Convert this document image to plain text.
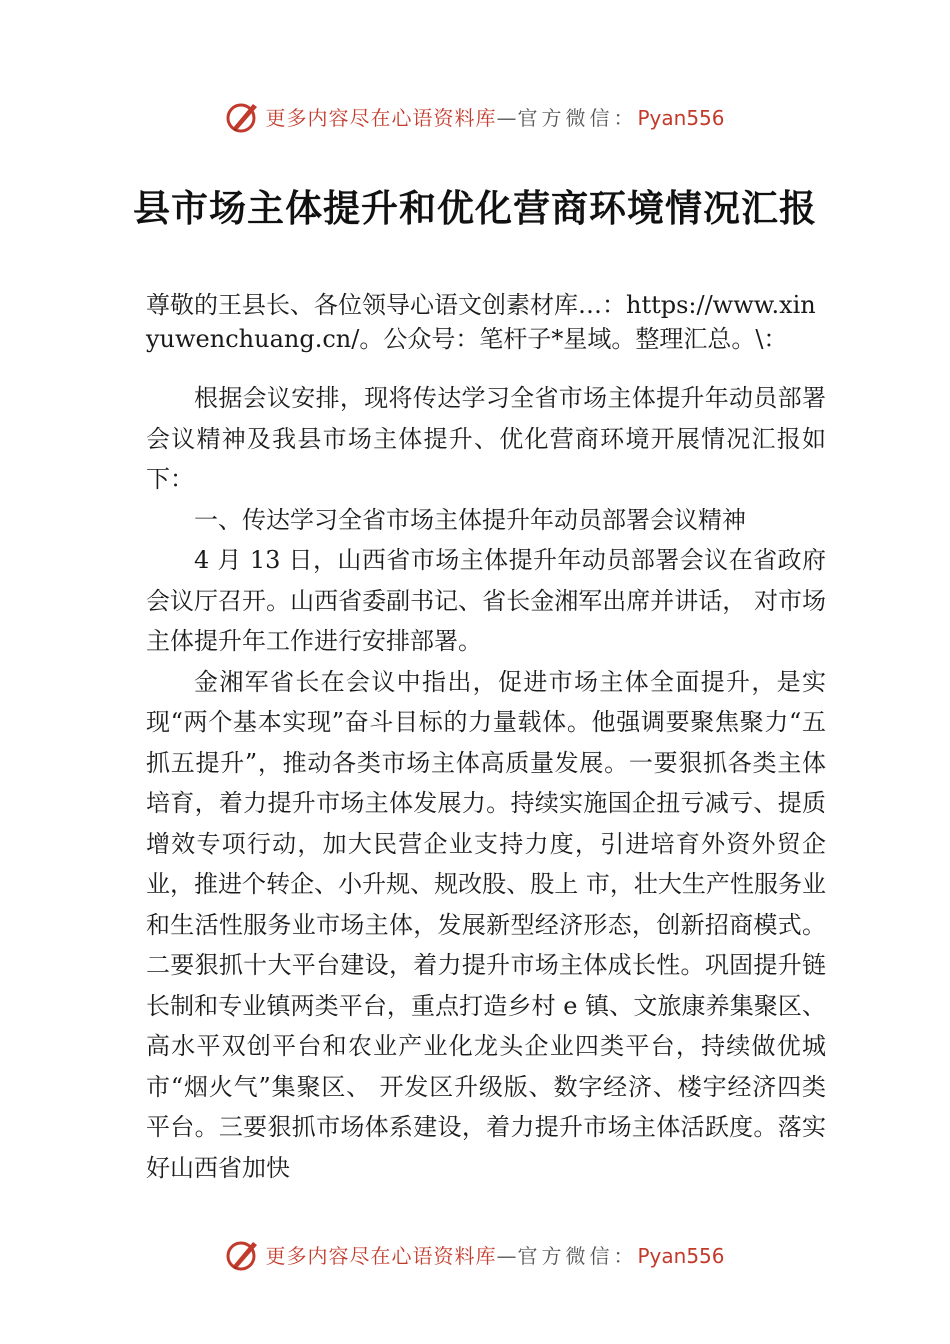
更多内容尽在心语资料库—官方微信：Pyan556
县市场主体提升和优化营商环境情况汇报

尊敬的王县长、各位领导心语文创素材库…：https://www.xinyuwenchuang.cn/。公众号：笔杆子*星域。整理汇总。\：

根据会议安排，现将传达学习全省市场主体提升年动员部署会议精神及我县市场主体提升、优化营商环境开展情况汇报如下：

一、传达学习全省市场主体提升年动员部署会议精神

4 月 13 日，山西省市场主体提升年动员部署会议在省政府会议厅召开。山西省委副书记、省长金湘军出席并讲话， 对市场主体提升年工作进行安排部署。

金湘军省长在会议中指出，促进市场主体全面提升，是实现“两个基本实现”奋斗目标的力量载体。他强调要聚焦聚力“五抓五提升”，推动各类市场主体高质量发展。一要狠抓各类主体培育，着力提升市场主体发展力。持续实施国企扭亏减亏、提质增效专项行动，加大民营企业支持力度，引进培育外资外贸企业，推进个转企、小升规、规改股、股上 市，壮大生产性服务业和生活性服务业市场主体，发展新型经济形态，创新招商模式。二要狠抓十大平台建设，着力提升市场主体成长性。巩固提升链长制和专业镇两类平台，重点打造乡村 e 镇、文旅康养集聚区、高水平双创平台和农业产业化龙头企业四类平台，持续做优城市“烟火气”集聚区、 开发区升级版、数字经济、楼宇经济四类平台。三要狠抓市场体系建设，着力提升市场主体活跃度。落实好山西省加快

更多内容尽在心语资料库—官方微信：Pyan556
